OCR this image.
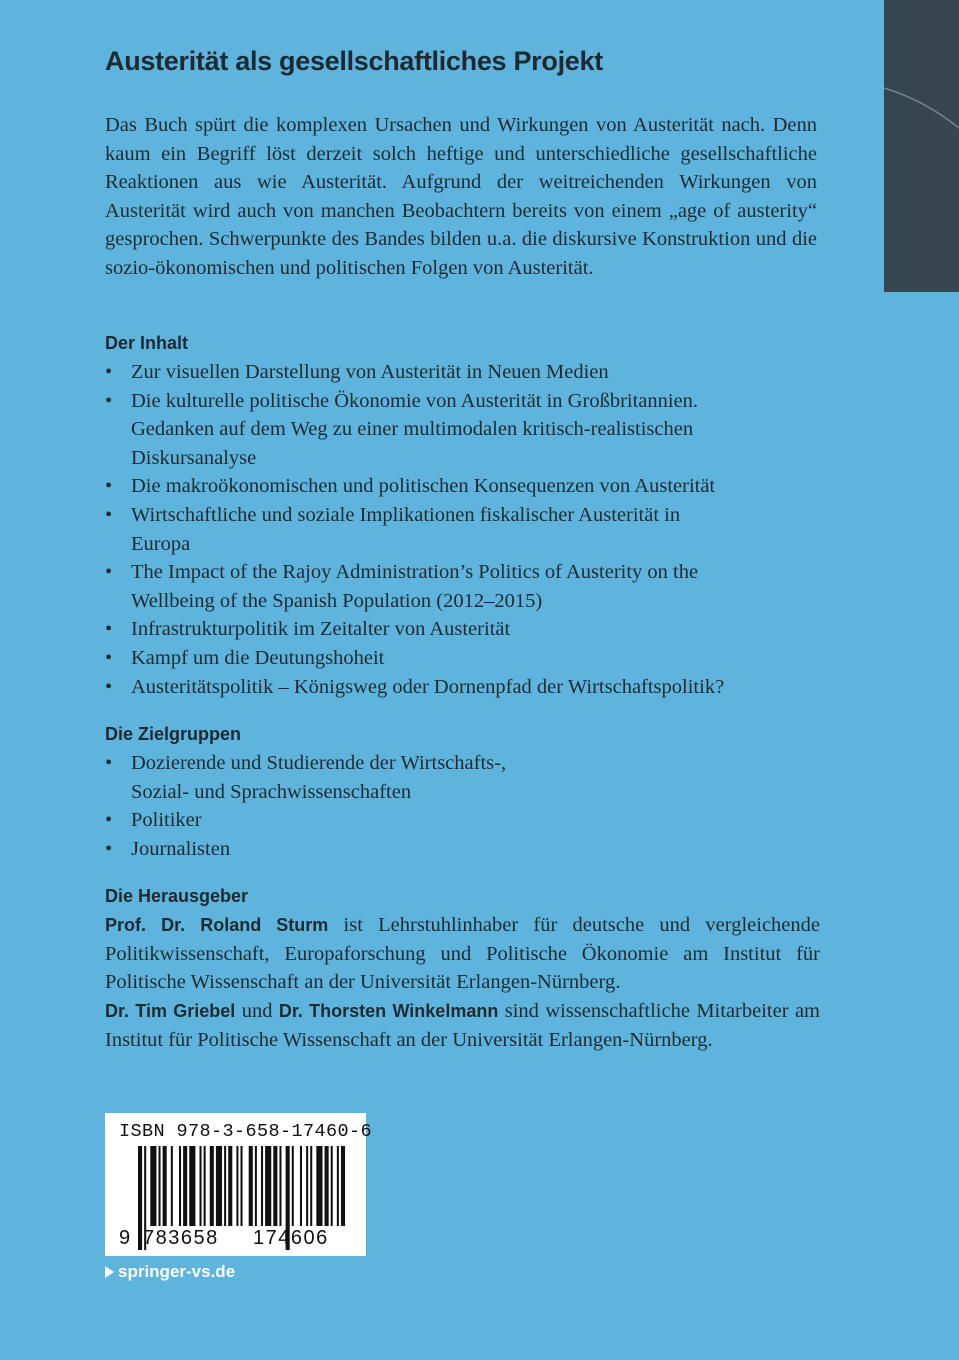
Austerität als gesellschaftliches Projekt

Das Buch spürt die komplexen Ursachen und Wirkungen von Austerität nach. Denn kaum ein Begriff löst derzeit solch heftige und unterschiedliche gesellschaftliche Reaktionen aus wie Austerität. Aufgrund der weitreichenden Wirkungen von Austerität wird auch von manchen Beobachtern bereits von einem „age of austerity“ gesprochen. Schwerpunkte des Bandes bilden u.a. die diskursive Konstruktion und die sozio-ökonomischen und politischen Folgen von Austerität.

Der Inhalt
• Zur visuellen Darstellung von Austerität in Neuen Medien
• Die kulturelle politische Ökonomie von Austerität in Großbritannien.
Gedanken auf dem Weg zu einer multimodalen kritisch-realistischen
Diskursanalyse
• Die makroökonomischen und politischen Konsequenzen von Austerität
• Wirtschaftliche und soziale Implikationen fiskalischer Austerität in
Europa
• The Impact of the Rajoy Administration’s Politics of Austerity on the
Wellbeing of the Spanish Population (2012–2015)
• Infrastrukturpolitik im Zeitalter von Austerität
• Kampf um die Deutungshoheit
• Austeritätspolitik – Königsweg oder Dornenpfad der Wirtschaftspolitik?
Die Zielgruppen
• Dozierende und Studierende der Wirtschafts-,
Sozial- und Sprachwissenschaften
• Politiker
• Journalisten
Die Herausgeber

Prof. Dr. Roland Sturm ist Lehrstuhlinhaber für deutsche und vergleichende Politikwissenschaft, Europaforschung und Politische Ökonomie am Institut für Politische Wissenschaft an der Universität Erlangen-Nürnberg.

Dr. Tim Griebel und Dr. Thorsten Winkelmann sind wissenschaftliche Mitarbeiter am Institut für Politische Wissenschaft an der Universität Erlangen-Nürnberg.

ISBN 978-3-658-17460-6
9 783658 174606
springer-vs.de
